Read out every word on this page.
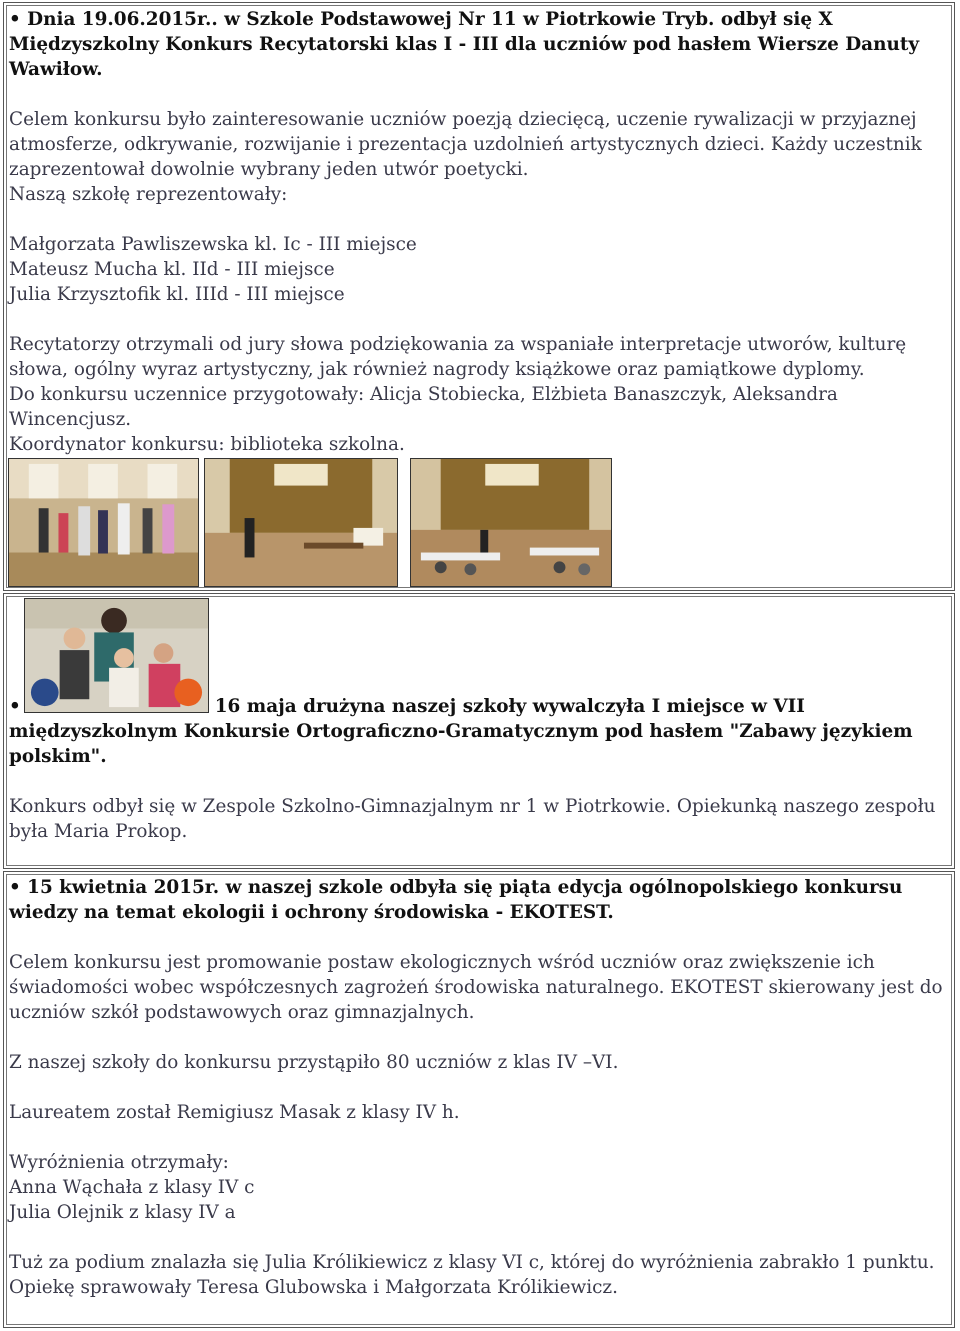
• Dnia 19.06.2015r.. w Szkole Podstawowej Nr 11 w Piotrkowie Tryb. odbył się X Międzyszkolny Konkurs Recytatorski klas I - III dla uczniów pod hasłem Wiersze Danuty Wawiłow.

Celem konkursu było zainteresowanie uczniów poezją dziecięcą, uczenie rywalizacji w przyjaznej atmosferze, odkrywanie, rozwijanie i prezentacja uzdolnień artystycznych dzieci. Każdy uczestnik zaprezentował dowolnie wybrany jeden utwór poetycki.

Naszą szkołę reprezentowały:

Małgorzata Pawliszewska kl. Ic - III miejsce

Mateusz Mucha kl. IId - III miejsce

Julia Krzysztofik kl. IIId - III miejsce

Recytatorzy otrzymali od jury słowa podziękowania za wspaniałe interpretacje utworów, kulturę słowa, ogólny wyraz artystyczny, jak również nagrody książkowe oraz pamiątkowe dyplomy.

Do konkursu uczennice przygotowały: Alicja Stobiecka, Elżbieta Banaszczyk, Aleksandra Wincencjusz.

Koordynator konkursu: biblioteka szkolna.

•	16 maja drużyna naszej szkoły wywalczyła I miejsce w VII międzyszkolnym Konkursie Ortograficzno-Gramatycznym pod hasłem "Zabawy językiem polskim".

Konkurs odbył się w Zespole Szkolno-Gimnazjalnym nr 1 w Piotrkowie. Opiekunką naszego zespołu była Maria Prokop.

• 15 kwietnia 2015r. w naszej szkole odbyła się piąta edycja ogólnopolskiego konkursu wiedzy na temat ekologii i ochrony środowiska - EKOTEST.

Celem konkursu jest promowanie postaw ekologicznych wśród uczniów oraz zwiększenie ich świadomości wobec współczesnych zagrożeń środowiska naturalnego. EKOTEST skierowany jest do uczniów szkół podstawowych oraz gimnazjalnych.

Z naszej szkoły do konkursu przystąpiło 80 uczniów z klas IV –VI.

Laureatem został Remigiusz Masak z klasy IV h.

Wyróżnienia otrzymały:

Anna Wąchała z klasy IV c

Julia Olejnik z klasy IV a

Tuż za podium znalazła się Julia Królikiewicz z klasy VI c, której do wyróżnienia zabrakło 1 punktu. Opiekę sprawowały Teresa Glubowska i Małgorzata Królikiewicz.
